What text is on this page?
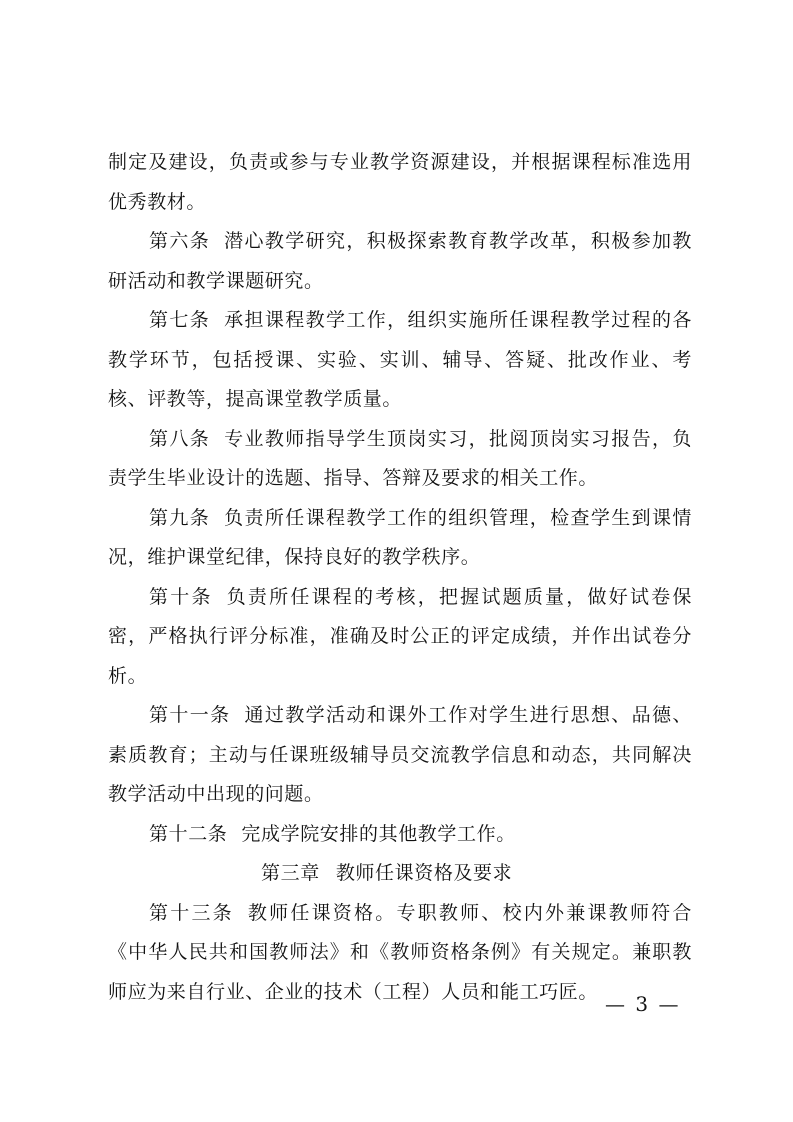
制定及建设，负责或参与专业教学资源建设，并根据课程标准选用优秀教材。

第六条 潜心教学研究，积极探索教育教学改革，积极参加教研活动和教学课题研究。

第七条 承担课程教学工作，组织实施所任课程教学过程的各教学环节，包括授课、实验、实训、辅导、答疑、批改作业、考核、评教等，提高课堂教学质量。

第八条 专业教师指导学生顶岗实习，批阅顶岗实习报告，负责学生毕业设计的选题、指导、答辩及要求的相关工作。

第九条 负责所任课程教学工作的组织管理，检查学生到课情况，维护课堂纪律，保持良好的教学秩序。

第十条 负责所任课程的考核，把握试题质量，做好试卷保密，严格执行评分标准，准确及时公正的评定成绩，并作出试卷分析。

第十一条 通过教学活动和课外工作对学生进行思想、品德、素质教育；主动与任课班级辅导员交流教学信息和动态，共同解决教学活动中出现的问题。

第十二条 完成学院安排的其他教学工作。

第三章 教师任课资格及要求

第十三条 教师任课资格。专职教师、校内外兼课教师符合《中华人民共和国教师法》和《教师资格条例》有关规定。兼职教师应为来自行业、企业的技术（工程）人员和能工巧匠。

— 3 —
